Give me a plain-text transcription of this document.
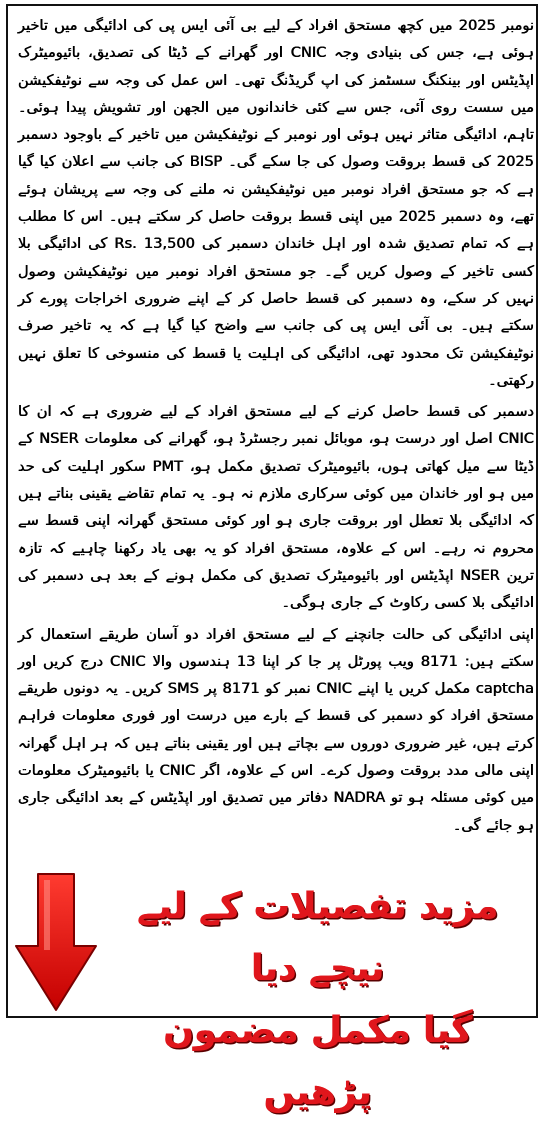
نومبر 2025 میں کچھ مستحق افراد کے لیے بی آئی ایس پی کی ادائیگی میں تاخیر ہوئی ہے، جس کی بنیادی وجہ CNIC اور گھرانے کے ڈیٹا کی تصدیق، بائیومیٹرک اپڈیٹس اور بینکنگ سسٹمز کی اپ گریڈنگ تھی۔ اس عمل کی وجہ سے نوٹیفکیشن میں سست روی آئی، جس سے کئی خاندانوں میں الجھن اور تشویش پیدا ہوئی۔ تاہم، ادائیگی متاثر نہیں ہوئی اور نومبر کے نوٹیفکیشن میں تاخیر کے باوجود دسمبر 2025 کی قسط بروقت وصول کی جا سکے گی۔ BISP کی جانب سے اعلان کیا گیا ہے کہ جو مستحق افراد نومبر میں نوٹیفکیشن نہ ملنے کی وجہ سے پریشان ہوئے تھے، وہ دسمبر 2025 میں اپنی قسط بروقت حاصل کر سکتے ہیں۔ اس کا مطلب ہے کہ تمام تصدیق شدہ اور اہل خاندان دسمبر کی Rs. 13,500 کی ادائیگی بلا کسی تاخیر کے وصول کریں گے۔ جو مستحق افراد نومبر میں نوٹیفکیشن وصول نہیں کر سکے، وہ دسمبر کی قسط حاصل کر کے اپنے ضروری اخراجات پورے کر سکتے ہیں۔ بی آئی ایس پی کی جانب سے واضح کیا گیا ہے کہ یہ تاخیر صرف نوٹیفکیشن تک محدود تھی، ادائیگی کی اہلیت یا قسط کی منسوخی کا تعلق نہیں رکھتی۔

دسمبر کی قسط حاصل کرنے کے لیے مستحق افراد کے لیے ضروری ہے کہ ان کا CNIC اصل اور درست ہو، موبائل نمبر رجسٹرڈ ہو، گھرانے کی معلومات NSER کے ڈیٹا سے میل کھاتی ہوں، بائیومیٹرک تصدیق مکمل ہو، PMT سکور اہلیت کی حد میں ہو اور خاندان میں کوئی سرکاری ملازم نہ ہو۔ یہ تمام تقاضے یقینی بناتے ہیں کہ ادائیگی بلا تعطل اور بروقت جاری ہو اور کوئی مستحق گھرانہ اپنی قسط سے محروم نہ رہے۔ اس کے علاوہ، مستحق افراد کو یہ بھی یاد رکھنا چاہیے کہ تازہ ترین NSER اپڈیٹس اور بائیومیٹرک تصدیق کی مکمل ہونے کے بعد ہی دسمبر کی ادائیگی بلا کسی رکاوٹ کے جاری ہوگی۔

اپنی ادائیگی کی حالت جانچنے کے لیے مستحق افراد دو آسان طریقے استعمال کر سکتے ہیں: 8171 ویب پورٹل پر جا کر اپنا 13 ہندسوں والا CNIC درج کریں اور captcha مکمل کریں یا اپنے CNIC نمبر کو 8171 پر SMS کریں۔ یہ دونوں طریقے مستحق افراد کو دسمبر کی قسط کے بارے میں درست اور فوری معلومات فراہم کرتے ہیں، غیر ضروری دوروں سے بچاتے ہیں اور یقینی بناتے ہیں کہ ہر اہل گھرانہ اپنی مالی مدد بروقت وصول کرے۔ اس کے علاوہ، اگر CNIC یا بائیومیٹرک معلومات میں کوئی مسئلہ ہو تو NADRA دفاتر میں تصدیق اور اپڈیٹس کے بعد ادائیگی جاری ہو جائے گی۔

مزید تفصیلات کے لیے نیچے دیا
گیا مکمل مضمون پڑھیں
